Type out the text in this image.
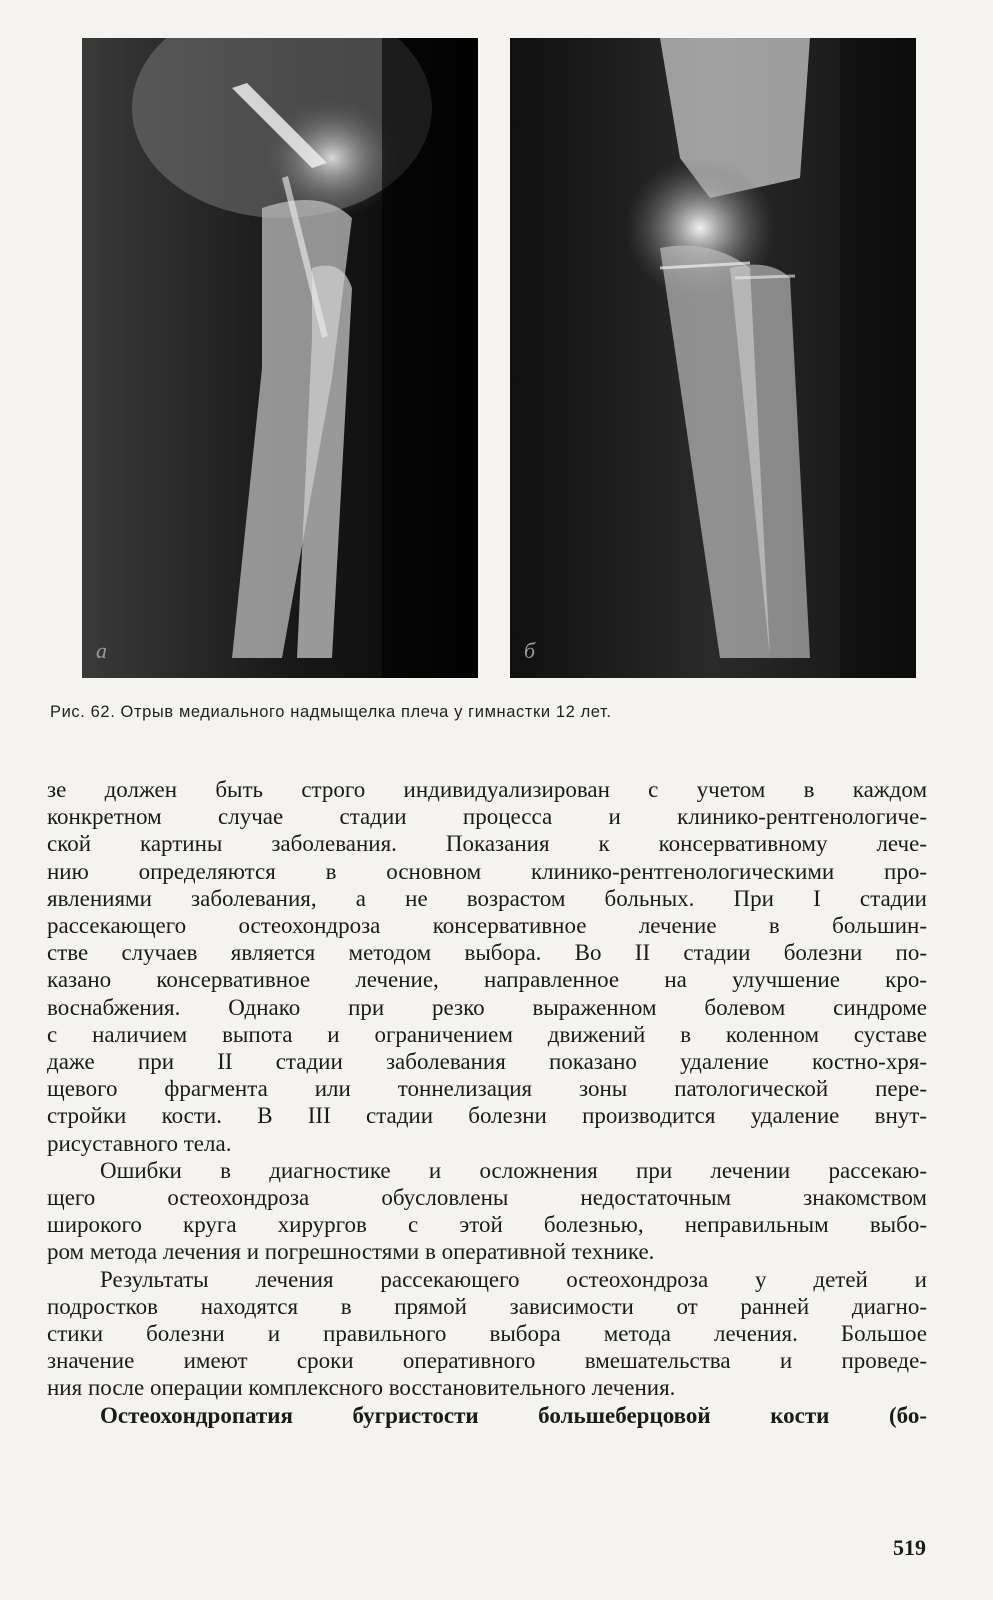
а	б
Рис. 62. Отрыв медиального надмыщелка плеча у гимнастки 12 лет.
зе должен быть строго индивидуализирован с учетом в каждом
конкретном случае стадии процесса и клинико-рентгенологиче-
ской картины заболевания. Показания к консервативному лече-
нию определяются в основном клинико-рентгенологическими про-
явлениями заболевания, а не возрастом больных. При I стадии
рассекающего остеохондроза консервативное лечение в большин-
стве случаев является методом выбора. Во II стадии болезни по-
казано консервативное лечение, направленное на улучшение кро-
воснабжения. Однако при резко выраженном болевом синдроме
с наличием выпота и ограничением движений в коленном суставе
даже при II стадии заболевания показано удаление костно-хря-
щевого фрагмента или тоннелизация зоны патологической пере-
стройки кости. В III стадии болезни производится удаление внут-
рисуставного тела.
Ошибки в диагностике и осложнения при лечении рассекаю-
щего остеохондроза обусловлены недостаточным знакомством
широкого круга хирургов с этой болезнью, неправильным выбо-
ром метода лечения и погрешностями в оперативной технике.
Результаты лечения рассекающего остеохондроза у детей и
подростков находятся в прямой зависимости от ранней диагно-
стики болезни и правильного выбора метода лечения. Большое
значение имеют сроки оперативного вмешательства и проведе-
ния после операции комплексного восстановительного лечения.
Остеохондропатия бугристости большеберцовой кости (бо-
519
